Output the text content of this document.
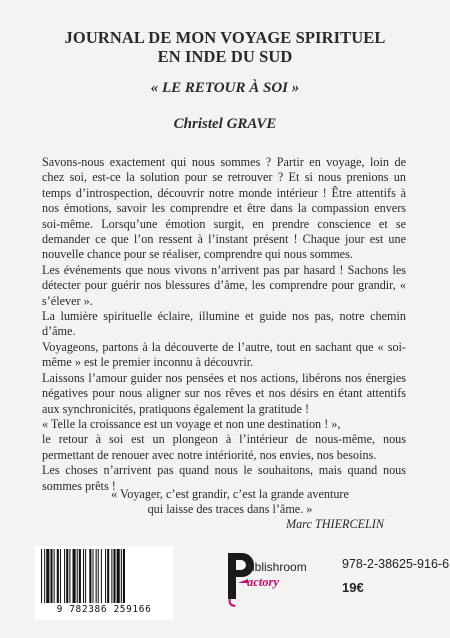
JOURNAL DE MON VOYAGE SPIRITUEL
EN INDE DU SUD
« LE RETOUR À SOI »
Christel GRAVE

Savons-nous exactement qui nous sommes ? Partir en voyage, loin de chez soi, est-ce la solution pour se retrouver ? Et si nous prenions un temps d’introspection, découvrir notre monde intérieur ! Être attentifs à nos émotions, savoir les comprendre et être dans la compassion envers soi-même. Lorsqu’une émotion surgit, en prendre conscience et se demander ce que l’on ressent à l’instant présent ! Chaque jour est une nouvelle chance pour se réaliser, comprendre qui nous sommes.

Les événements que nous vivons n’arrivent pas par hasard ! Sachons les détecter pour guérir nos blessures d’âme, les comprendre pour grandir, « s’élever ».

La lumière spirituelle éclaire, illumine et guide nos pas, notre chemin d’âme.

Voyageons, partons à la découverte de l’autre, tout en sachant que « soi-même » est le premier inconnu à découvrir.

Laissons l’amour guider nos pensées et nos actions, libérons nos énergies négatives pour nous aligner sur nos rêves et nos désirs en étant attentifs aux synchronicités, pratiquons également la gratitude !

« Telle la croissance est un voyage et non une destination ! »,

le retour à soi est un plongeon à l’intérieur de nous-même, nous permettant de renouer avec notre intériorité, nos envies, nos besoins.

Les choses n’arrivent pas quand nous le souhaitons, mais quand nous sommes prêts !

« Voyager, c’est grandir, c’est la grande aventure

qui laisse des traces dans l’âme. »

Marc THIERCELIN
9 782386 259166
ublishroom
actory
978-2-38625-916-6
19€
